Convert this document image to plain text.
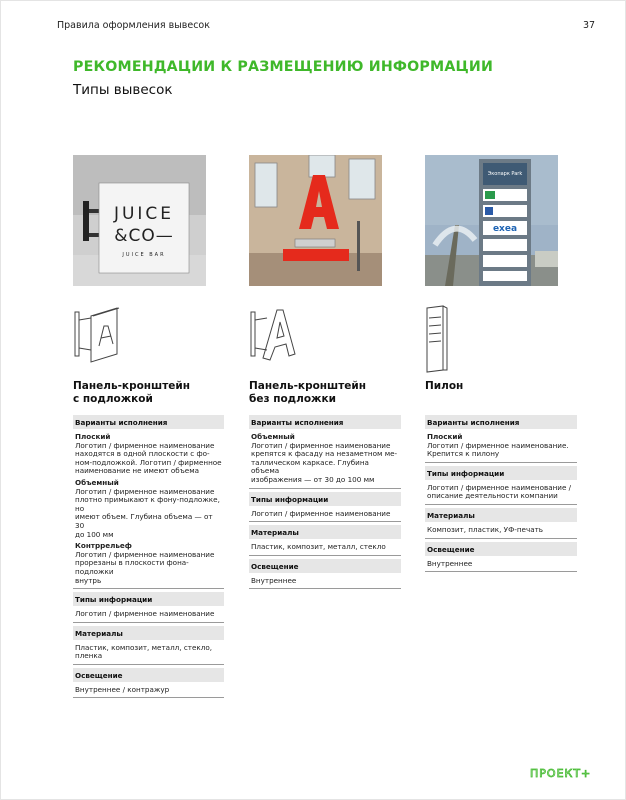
Правила оформления вывесок	37
РЕКОМЕНДАЦИИ К РАЗМЕЩЕНИЮ ИНФОРМАЦИИ
Типы вывесок
JUICE
&CO—
JUICE BAR
Экопарк Park
exea
Панель-кронштейн
с подложкой
Панель-кронштейн
без подложки
Пилон
Варианты исполнения
Плоский
Логотип / фирменное наименование
находятся в одной плоскости с фо-
ном-подложкой. Логотип / фирменное
наименование не имеют объема
Объемный
Логотип / фирменное наименование
плотно примыкают к фону-подложке, но
имеют объем. Глубина объема — от 30
до 100 мм
Контррельеф
Логотип / фирменное наименование
прорезаны в плоскости фона-подложки
внутрь
Типы информации
Логотип / фирменное наименование
Материалы
Пластик, композит, металл, стекло,
пленка
Освещение
Внутреннее / контражур
Варианты исполнения
Объемный
Логотип / фирменное наименование
крепятся к фасаду на незаметном ме-
таллическом каркасе. Глубина объема
изображения — от 30 до 100 мм
Типы информации
Логотип / фирменное наименование
Материалы
Пластик, композит, металл, стекло
Освещение
Внутреннее
Варианты исполнения
Плоский
Логотип / фирменное наименование.
Крепится к пилону
Типы информации
Логотип / фирменное наименование /
описание деятельности компании
Материалы
Композит, пластик, УФ-печать
Освещение
Внутреннее
ПРОЕКТ+
